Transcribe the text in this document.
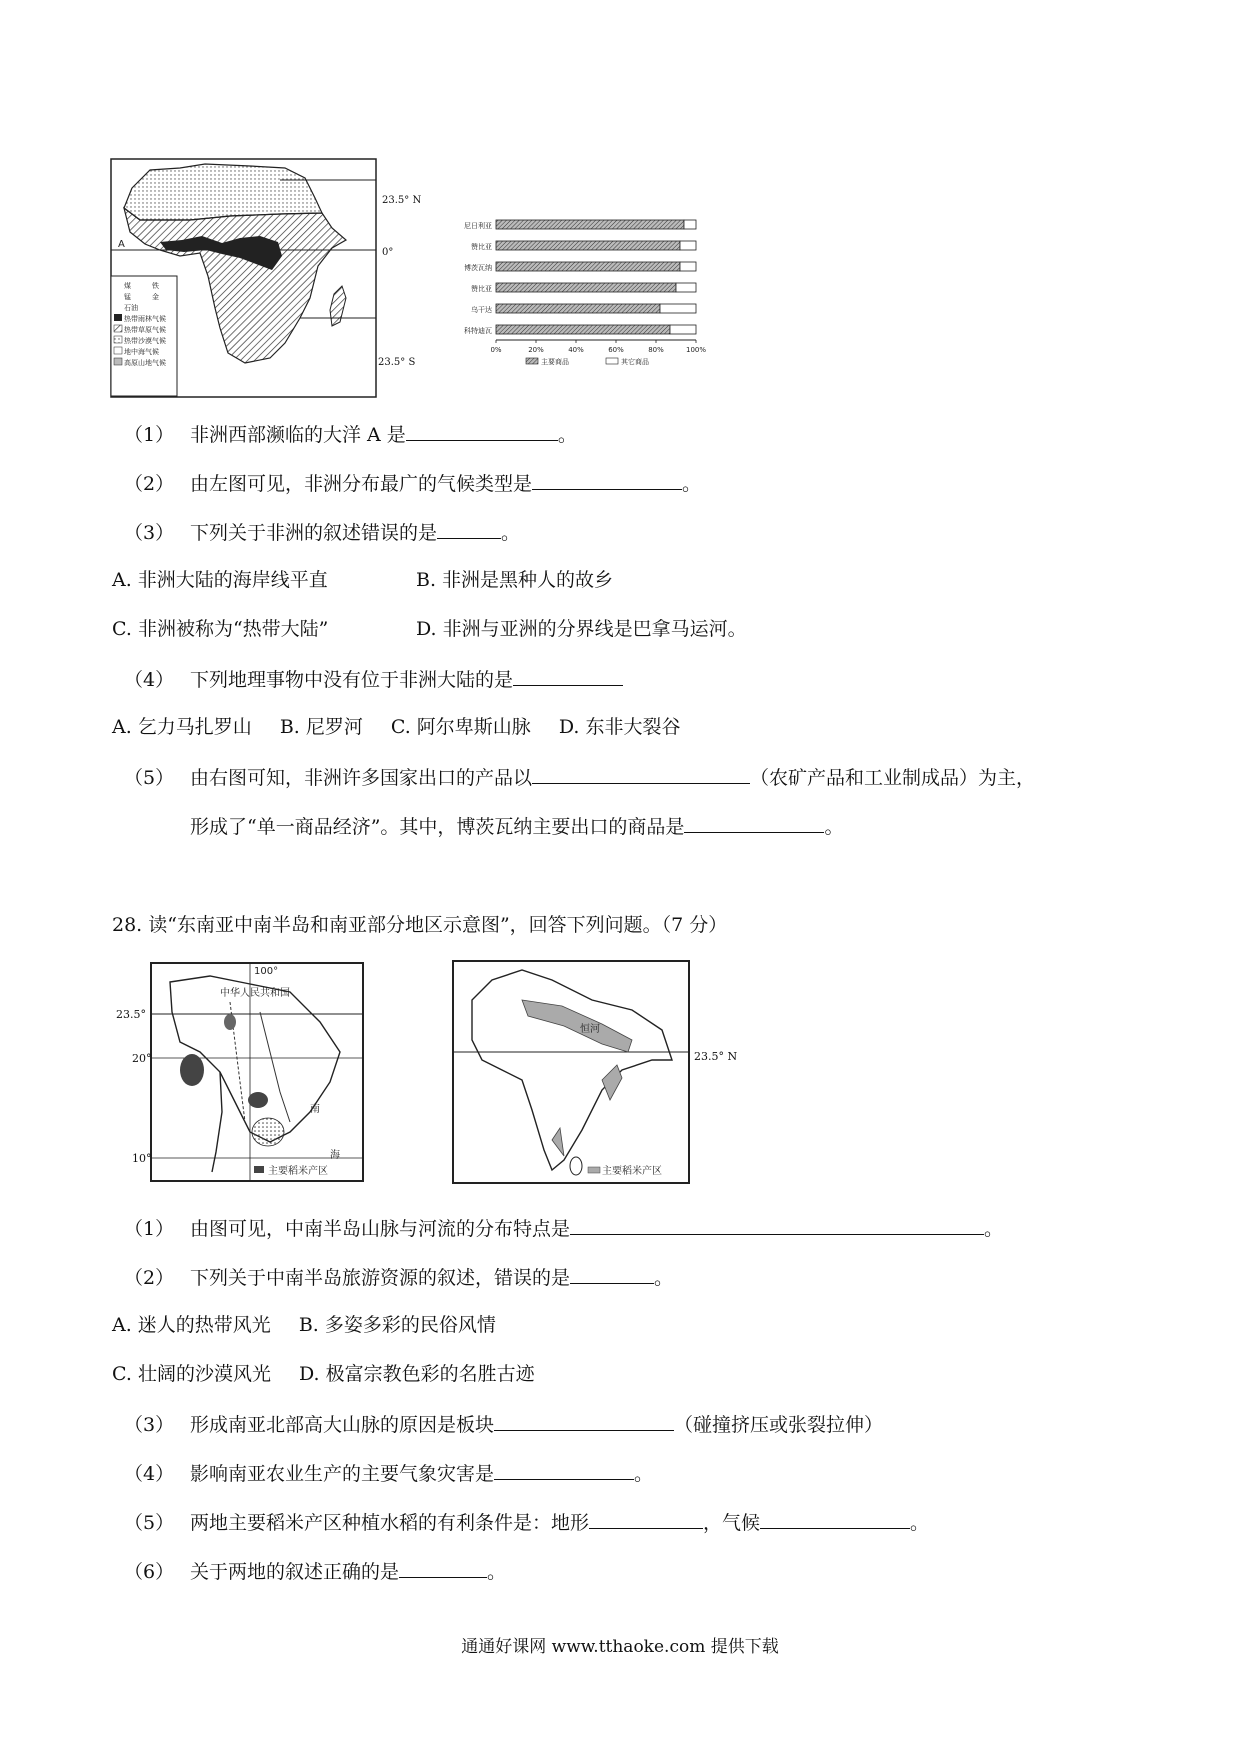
A
煤	铁
锰	金
石油
热带雨林气候
热带草原气候
热带沙漠气候
地中海气候
高原山地气候
23.5° N
0°
23.5° S
尼日利亚
赞比亚
博茨瓦纳
赞比亚
乌干达
科特迪瓦
0%	20%	40%	60%	80%	100%
主要商品	其它商品
（1） 非洲西部濒临的大洋 A 是	。
（2） 由左图可见，非洲分布最广的气候类型是	。
（3） 下列关于非洲的叙述错误的是	。
A. 非洲大陆的海岸线平直	B. 非洲是黑种人的故乡
C. 非洲被称为“热带大陆”	D. 非洲与亚洲的分界线是巴拿马运河。
（4） 下列地理事物中没有位于非洲大陆的是
A. 乞力马扎罗山 B. 尼罗河 C. 阿尔卑斯山脉 D. 东非大裂谷
（5） 由右图可知，非洲许多国家出口的产品以	（农矿产品和工业制成品）为主，
形成了“单一商品经济”。其中，博茨瓦纳主要出口的商品是	。
28. 读“东南亚中南半岛和南亚部分地区示意图”，回答下列问题。（7 分）
主要稻米产区
100°
中华人民共和国
南
海
23.5°
20°
10°
恒河
主要稻米产区
23.5° N
（1） 由图可见，中南半岛山脉与河流的分布特点是	。
（2） 下列关于中南半岛旅游资源的叙述，错误的是	。
A. 迷人的热带风光 B. 多姿多彩的民俗风情
C. 壮阔的沙漠风光 D. 极富宗教色彩的名胜古迹
（3） 形成南亚北部高大山脉的原因是板块	（碰撞挤压或张裂拉伸）
（4） 影响南亚农业生产的主要气象灾害是	。
（5） 两地主要稻米产区种植水稻的有利条件是：地形	，气候	。
（6） 关于两地的叙述正确的是	。
通通好课网 www.tthaoke.com 提供下载
